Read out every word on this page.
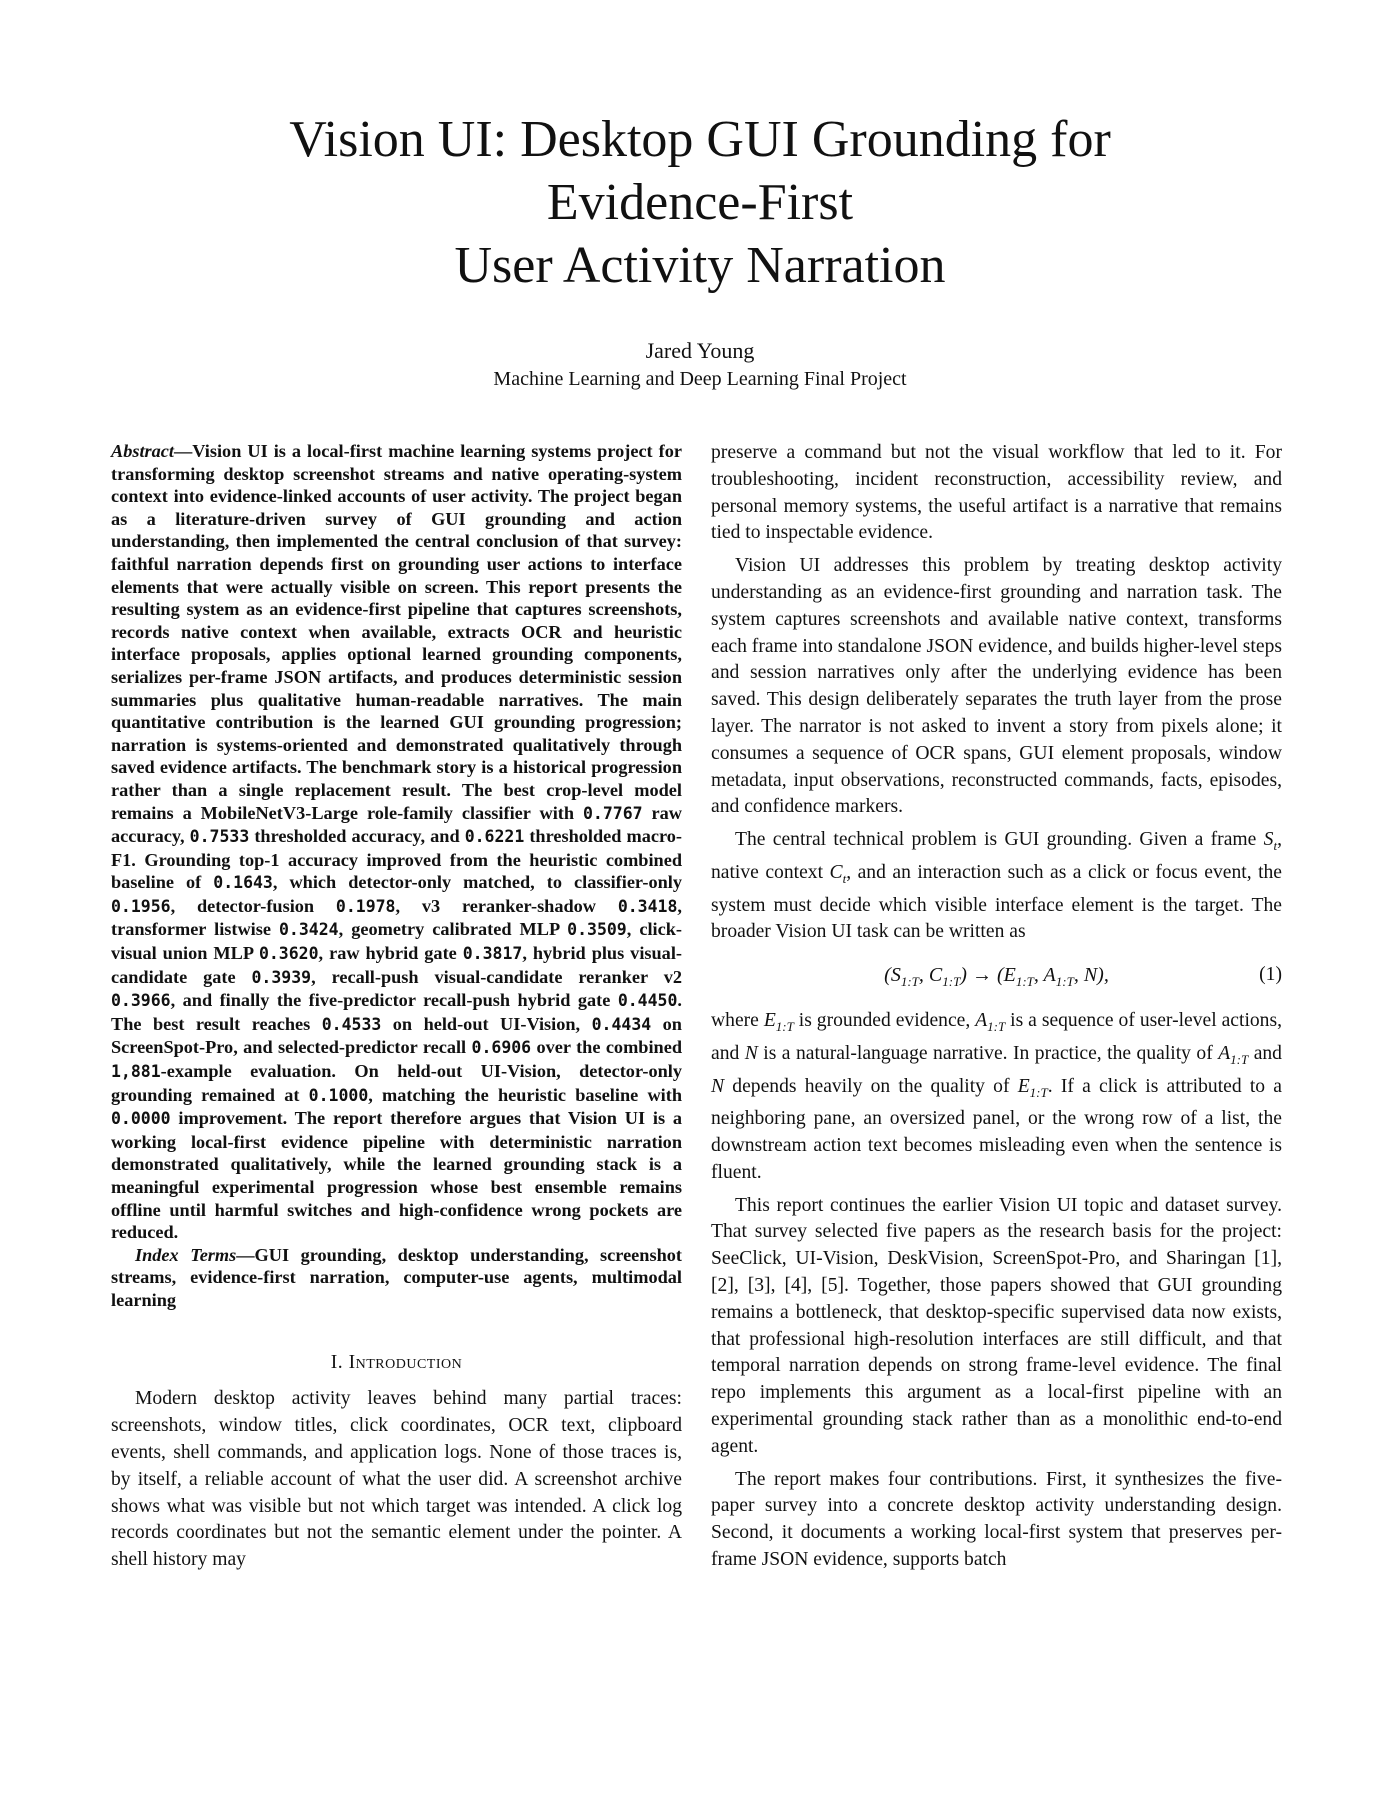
Vision UI: Desktop GUI Grounding for
Evidence-First
User Activity Narration
Jared Young
Machine Learning and Deep Learning Final Project

Abstract—Vision UI is a local-first machine learning systems project for transforming desktop screenshot streams and native operating-system context into evidence-linked accounts of user activity. The project began as a literature-driven survey of GUI grounding and action understanding, then implemented the central conclusion of that survey: faithful narration depends first on grounding user actions to interface elements that were actually visible on screen. This report presents the resulting system as an evidence-first pipeline that captures screenshots, records native context when available, extracts OCR and heuristic interface proposals, applies optional learned grounding components, serializes per-frame JSON artifacts, and produces deterministic session summaries plus qualitative human-readable narratives. The main quantitative contribution is the learned GUI grounding progression; narration is systems-oriented and demonstrated qualitatively through saved evidence artifacts. The benchmark story is a historical progression rather than a single replacement result. The best crop-level model remains a MobileNetV3-Large role-family classifier with 0.7767 raw accuracy, 0.7533 thresholded accuracy, and 0.6221 thresholded macro-F1. Grounding top-1 accuracy improved from the heuristic combined baseline of 0.1643, which detector-only matched, to classifier-only 0.1956, detector-fusion 0.1978, v3 reranker-shadow 0.3418, transformer listwise 0.3424, geometry calibrated MLP 0.3509, click-visual union MLP 0.3620, raw hybrid gate 0.3817, hybrid plus visual-candidate gate 0.3939, recall-push visual-candidate reranker v2 0.3966, and finally the five-predictor recall-push hybrid gate 0.4450. The best result reaches 0.4533 on held-out UI-Vision, 0.4434 on ScreenSpot-Pro, and selected-predictor recall 0.6906 over the combined 1,881-example evaluation. On held-out UI-Vision, detector-only grounding remained at 0.1000, matching the heuristic baseline with 0.0000 improvement. The report therefore argues that Vision UI is a working local-first evidence pipeline with deterministic narration demonstrated qualitatively, while the learned grounding stack is a meaningful experimental progression whose best ensemble remains offline until harmful switches and high-confidence wrong pockets are reduced.

Index Terms—GUI grounding, desktop understanding, screenshot streams, evidence-first narration, computer-use agents, multimodal learning

I. Introduction

Modern desktop activity leaves behind many partial traces: screenshots, window titles, click coordinates, OCR text, clipboard events, shell commands, and application logs. None of those traces is, by itself, a reliable account of what the user did. A screenshot archive shows what was visible but not which target was intended. A click log records coordinates but not the semantic element under the pointer. A shell history may

preserve a command but not the visual workflow that led to it. For troubleshooting, incident reconstruction, accessibility review, and personal memory systems, the useful artifact is a narrative that remains tied to inspectable evidence.

Vision UI addresses this problem by treating desktop activity understanding as an evidence-first grounding and narration task. The system captures screenshots and available native context, transforms each frame into standalone JSON evidence, and builds higher-level steps and session narratives only after the underlying evidence has been saved. This design deliberately separates the truth layer from the prose layer. The narrator is not asked to invent a story from pixels alone; it consumes a sequence of OCR spans, GUI element proposals, window metadata, input observations, reconstructed commands, facts, episodes, and confidence markers.

The central technical problem is GUI grounding. Given a frame $S_t$, native context $C_t$, and an interaction such as a click or focus event, the system must decide which visible interface element is the target. The broader Vision UI task can be written as

($S_{1:T}$, $C_{1:T}) \to (E_{1:T}$, $A_{1:T}$, N),	(1)

where $E_{1:T}$ is grounded evidence, $A_{1:T}$ is a sequence of user-level actions, and N is a natural-language narrative. In practice, the quality of $A_{1:T}$ and N depends heavily on the quality of $E_{1:T}$. If a click is attributed to a neighboring pane, an oversized panel, or the wrong row of a list, the downstream action text becomes misleading even when the sentence is fluent.

This report continues the earlier Vision UI topic and dataset survey. That survey selected five papers as the research basis for the project: SeeClick, UI-Vision, DeskVision, ScreenSpot-Pro, and Sharingan [1], [2], [3], [4], [5]. Together, those papers showed that GUI grounding remains a bottleneck, that desktop-specific supervised data now exists, that professional high-resolution interfaces are still difficult, and that temporal narration depends on strong frame-level evidence. The final repo implements this argument as a local-first pipeline with an experimental grounding stack rather than as a monolithic end-to-end agent.

The report makes four contributions. First, it synthesizes the five-paper survey into a concrete desktop activity understanding design. Second, it documents a working local-first system that preserves per-frame JSON evidence, supports batch
